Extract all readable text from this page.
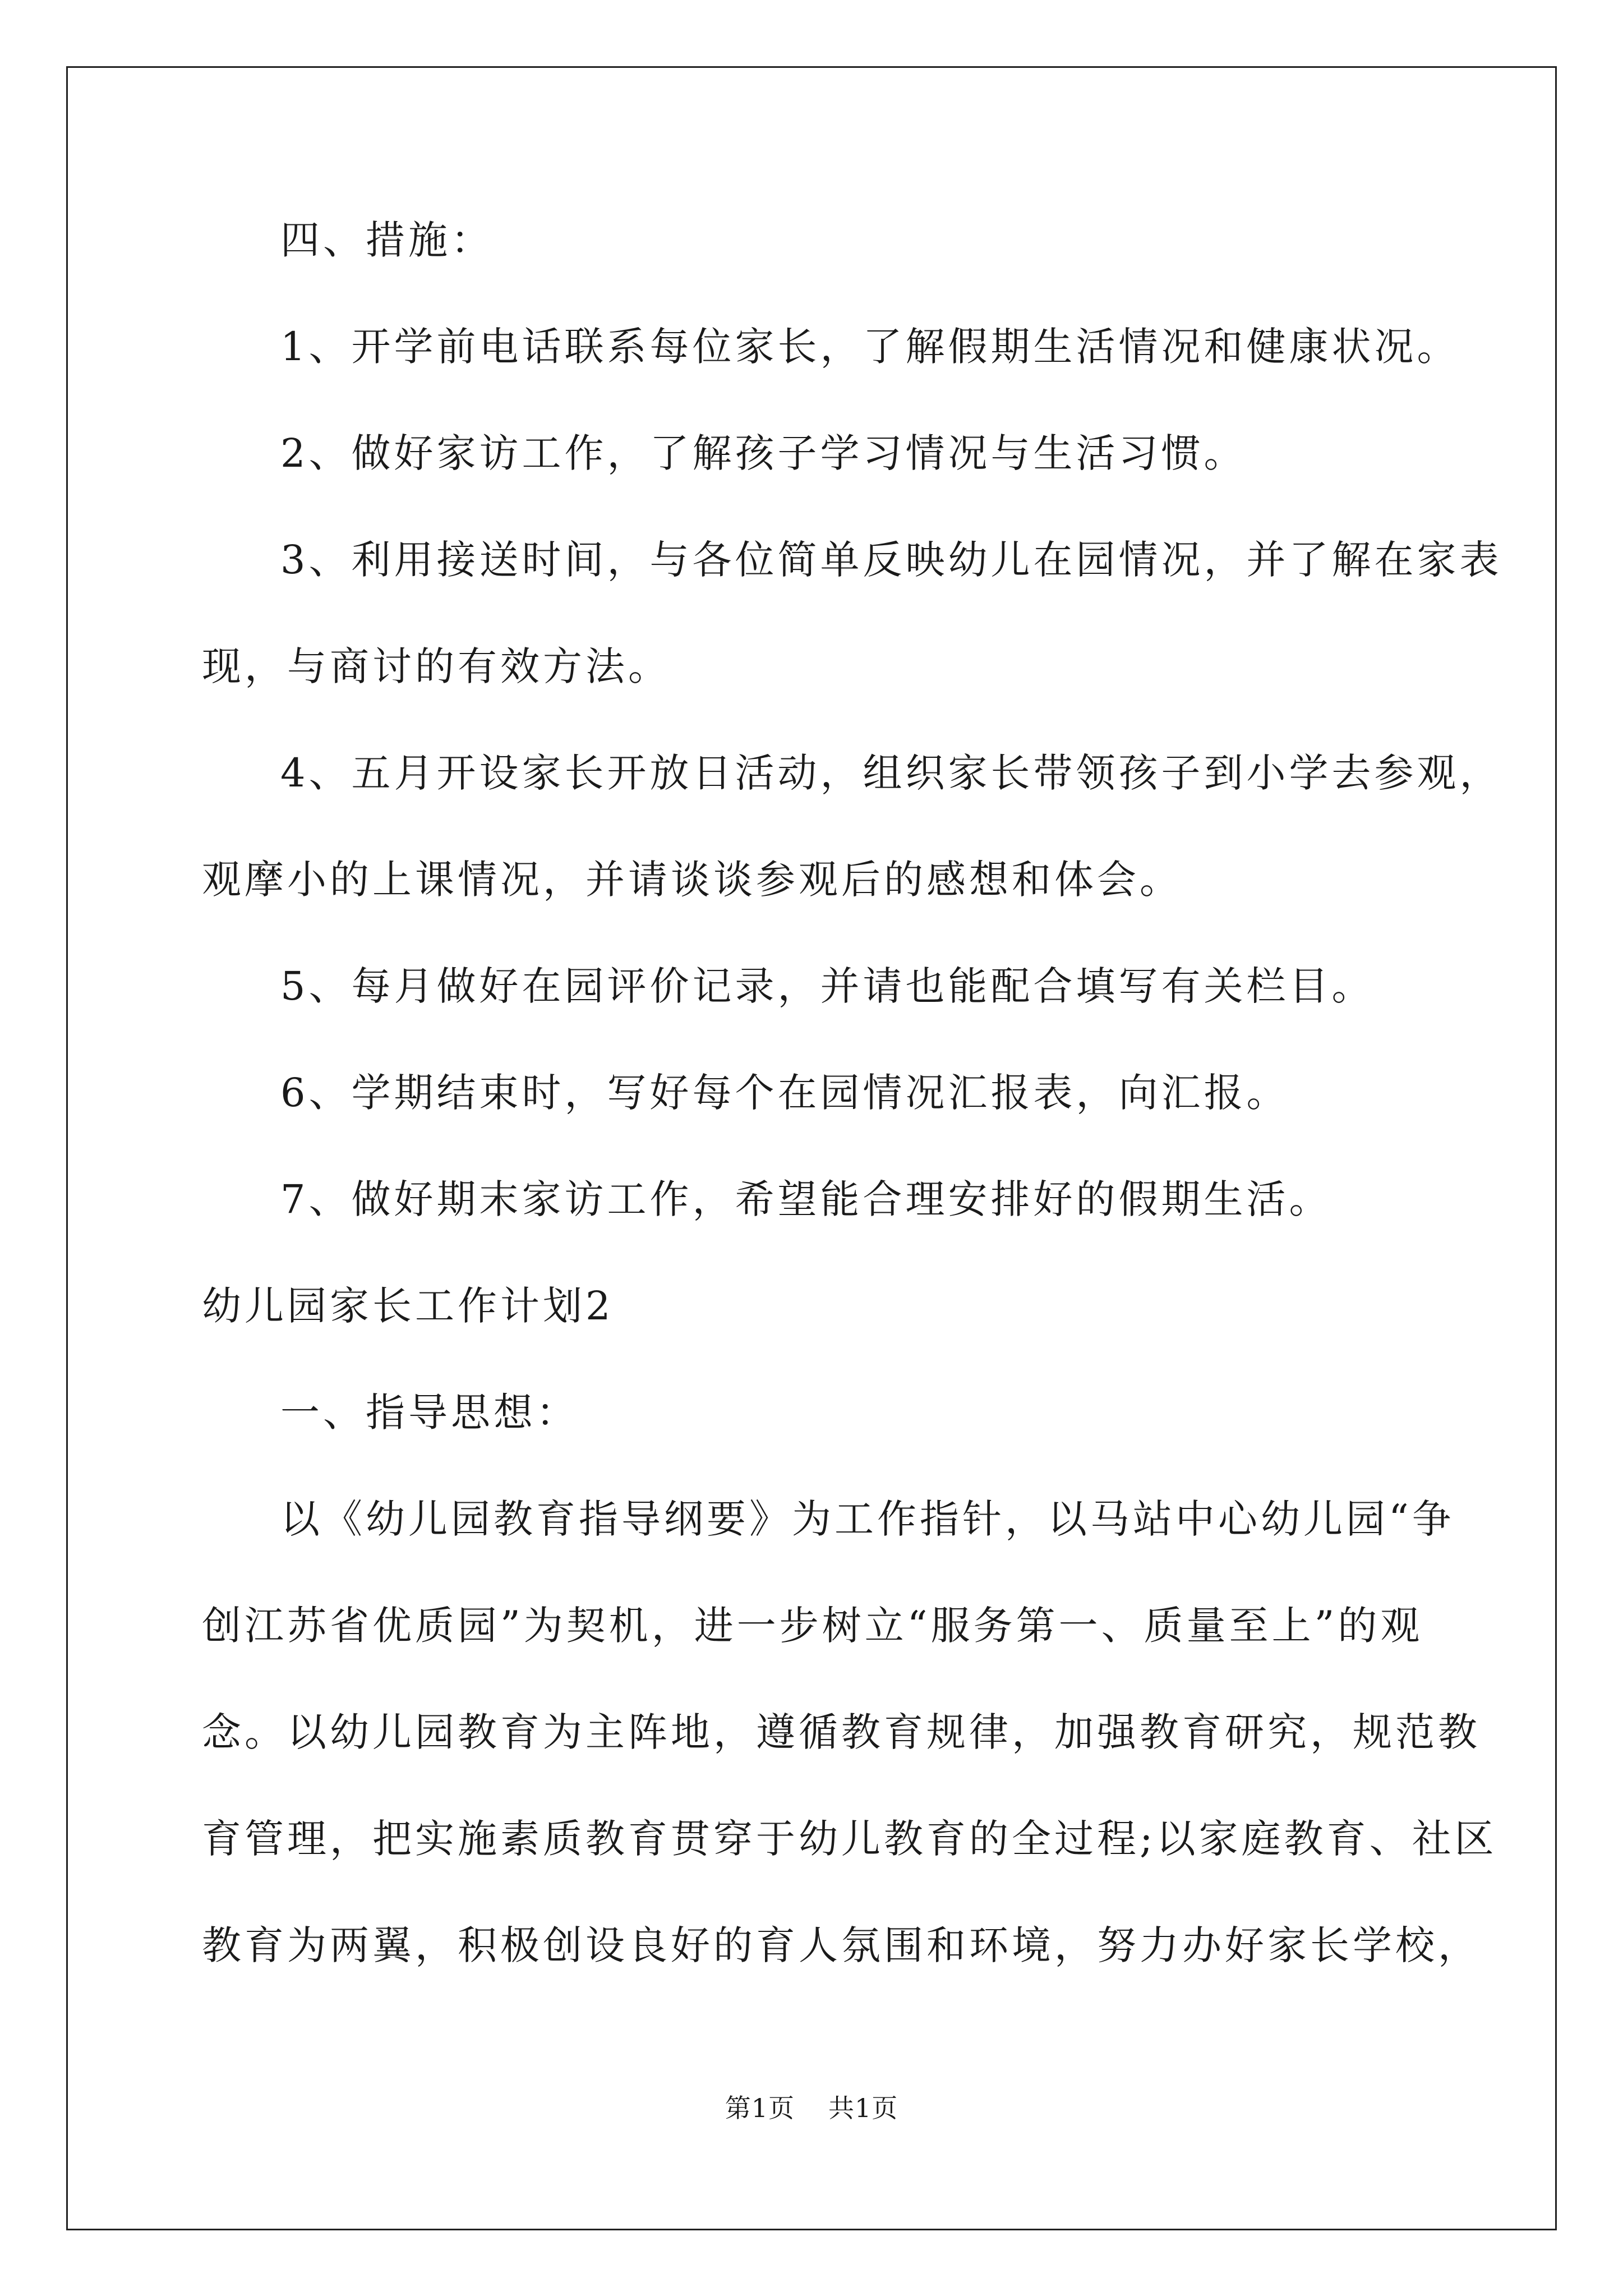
四、措施：
1、开学前电话联系每位家长，了解假期生活情况和健康状况。
2、做好家访工作，了解孩子学习情况与生活习惯。
3、利用接送时间，与各位简单反映幼儿在园情况，并了解在家表
现，与商讨的有效方法。
4、五月开设家长开放日活动，组织家长带领孩子到小学去参观，
观摩小的上课情况，并请谈谈参观后的感想和体会。
5、每月做好在园评价记录，并请也能配合填写有关栏目。
6、学期结束时，写好每个在园情况汇报表，向汇报。
7、做好期末家访工作，希望能合理安排好的假期生活。
幼儿园家长工作计划2
一、指导思想：
以《幼儿园教育指导纲要》为工作指针，以马站中心幼儿园“争
创江苏省优质园”为契机，进一步树立“服务第一、质量至上”的观
念。以幼儿园教育为主阵地，遵循教育规律，加强教育研究，规范教
育管理，把实施素质教育贯穿于幼儿教育的全过程;以家庭教育、社区
教育为两翼，积极创设良好的育人氛围和环境，努力办好家长学校，
第1页 共1页
